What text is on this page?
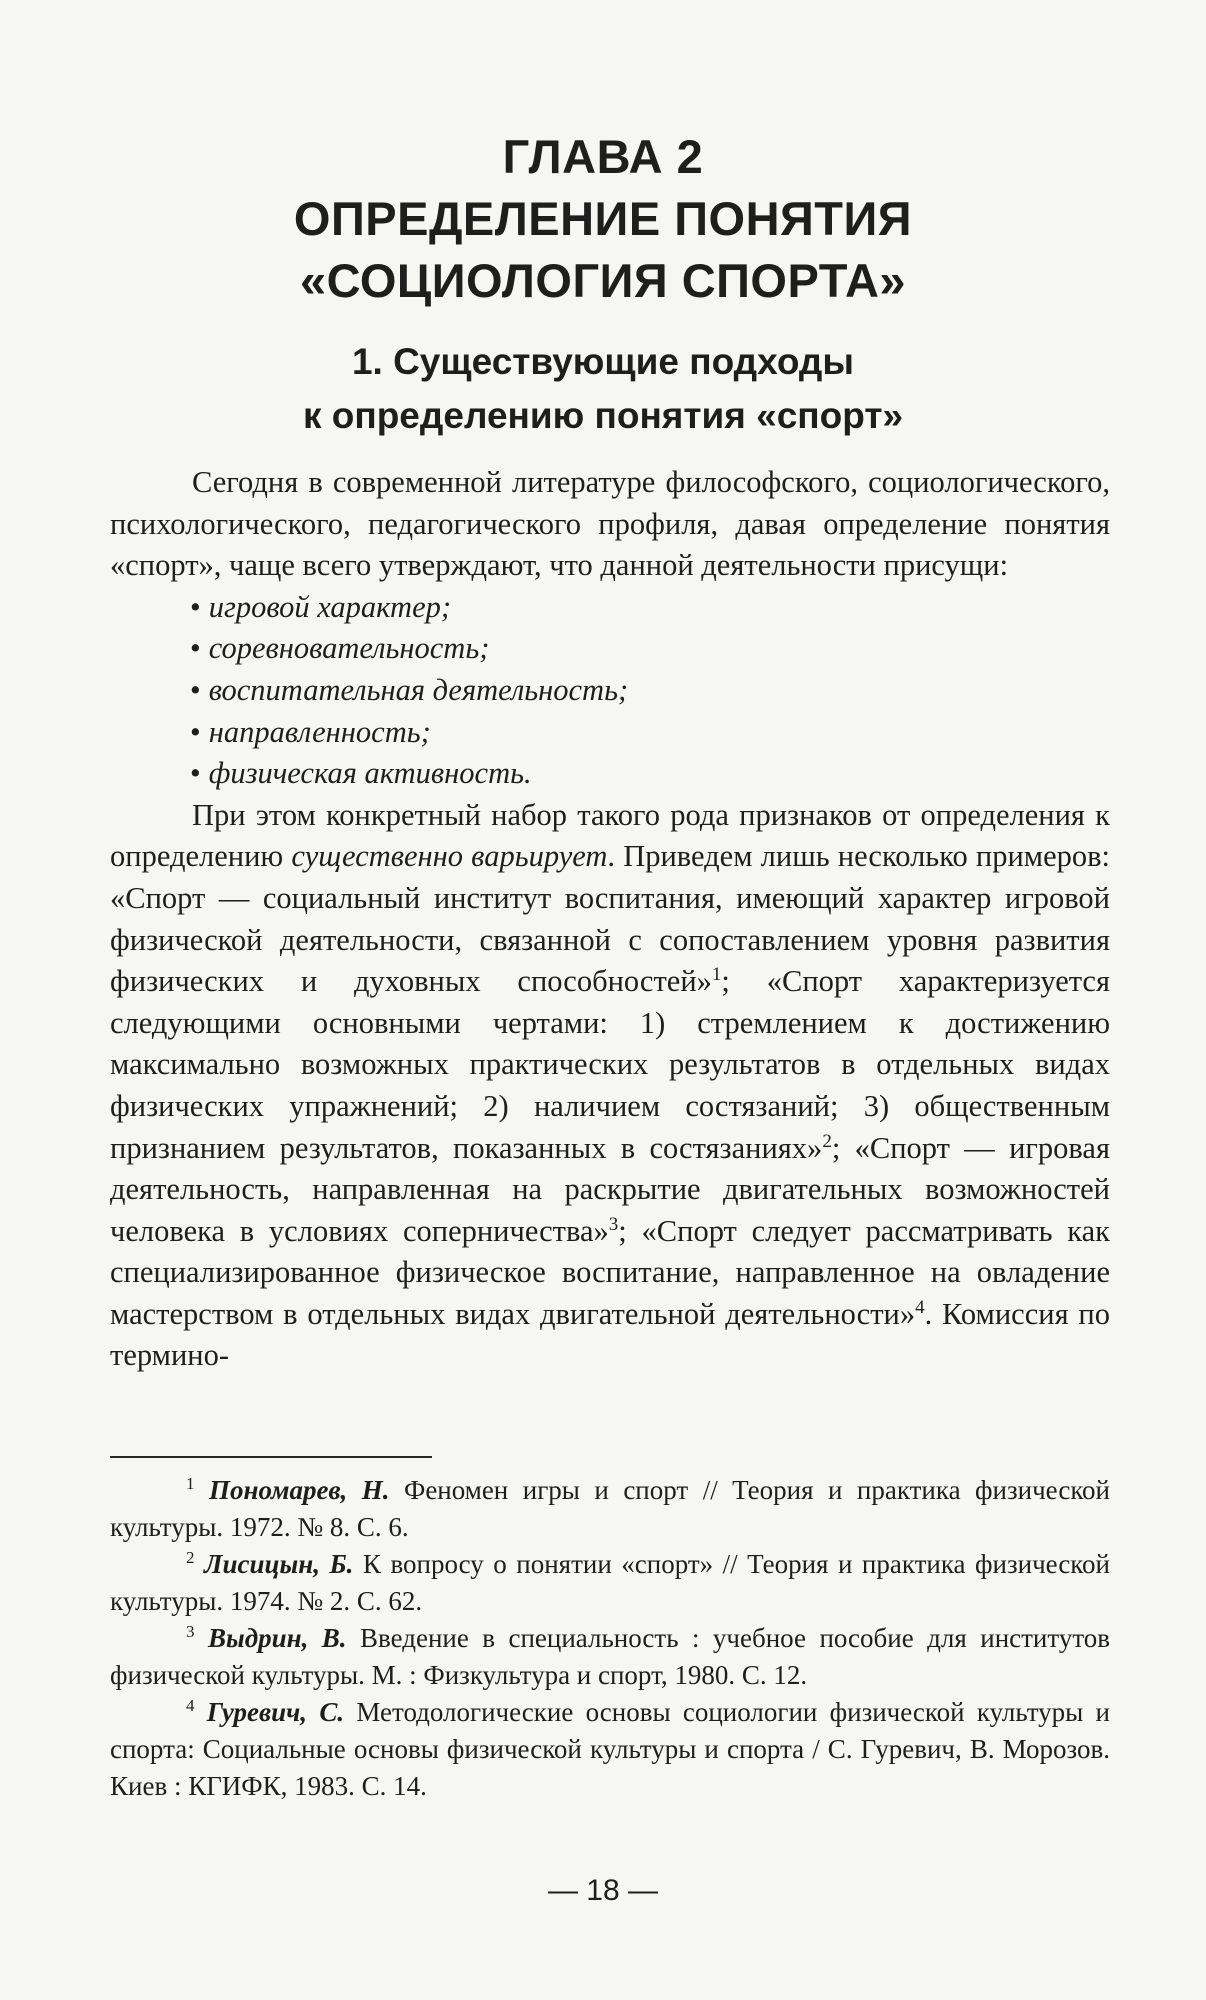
ГЛАВА 2
ОПРЕДЕЛЕНИЕ ПОНЯТИЯ
«СОЦИОЛОГИЯ СПОРТА»
1. Существующие подходы
к определению понятия «спорт»

Сегодня в современной литературе философского, социологического, психологического, педагогического профиля, давая определение понятия «спорт», чаще всего утверждают, что данной деятельности присущи:

• игровой характер;
• соревновательность;
• воспитательная деятельность;
• направленность;
• физическая активность.

При этом конкретный набор такого рода признаков от определения к определению существенно варьирует. Приведем лишь несколько примеров: «Спорт — социальный институт воспитания, имеющий характер игровой физической деятельности, связанной с сопоставлением уровня развития физических и духовных способностей»$^1$; «Спорт характеризуется следующими основными чертами: 1) стремлением к достижению максимально возможных практических результатов в отдельных видах физических упражнений; 2) наличием состязаний; 3) общественным признанием результатов, показанных в состязаниях»$^2$; «Спорт — игровая деятельность, направленная на раскрытие двигательных возможностей человека в условиях соперничества»$^3$; «Спорт следует рассматривать как специализированное физическое воспитание, направленное на овладение мастерством в отдельных видах двигательной деятельности»$^4$. Комиссия по термино-

$^1$ Пономарев, Н. Феномен игры и спорт // Теория и практика физической культуры. 1972. № 8. С. 6.

$^2$ Лисицын, Б. К вопросу о понятии «спорт» // Теория и практика физической культуры. 1974. № 2. С. 62.

$^3$ Выдрин, В. Введение в специальность : учебное пособие для институтов физической культуры. М. : Физкультура и спорт, 1980. С. 12.

$^4$ Гуревич, С. Методологические основы социологии физической культуры и спорта: Социальные основы физической культуры и спорта / С. Гуревич, В. Морозов. Киев : КГИФК, 1983. С. 14.

— 18 —
